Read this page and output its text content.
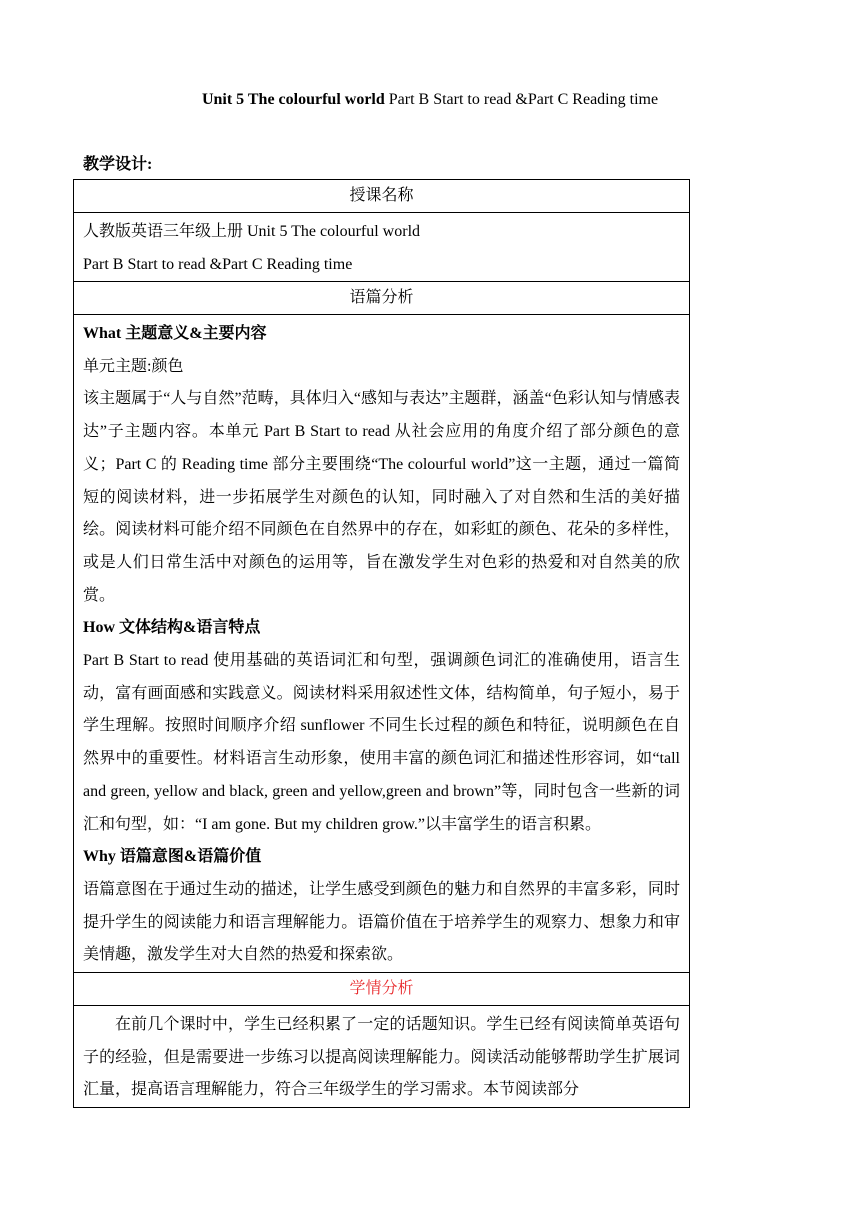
Unit 5 The colourful world Part B Start to read &Part C Reading time
教学设计:
授课名称

人教版英语三年级上册 Unit 5 The colourful world
Part B Start to read &Part C Reading time

语篇分析

What 主题意义&主要内容

单元主题:颜色

该主题属于“人与自然”范畴，具体归入“感知与表达”主题群，涵盖“色彩认知与情感表达”子主题内容。本单元 Part B Start to read 从社会应用的角度介绍了部分颜色的意义；Part C 的 Reading time 部分主要围绕“The colourful world”这一主题，通过一篇简短的阅读材料，进一步拓展学生对颜色的认知，同时融入了对自然和生活的美好描绘。阅读材料可能介绍不同颜色在自然界中的存在，如彩虹的颜色、花朵的多样性，或是人们日常生活中对颜色的运用等，旨在激发学生对色彩的热爱和对自然美的欣赏。

How 文体结构&语言特点

Part B Start to read 使用基础的英语词汇和句型，强调颜色词汇的准确使用，语言生动，富有画面感和实践意义。阅读材料采用叙述性文体，结构简单，句子短小，易于学生理解。按照时间顺序介绍 sunflower 不同生长过程的颜色和特征，说明颜色在自然界中的重要性。材料语言生动形象，使用丰富的颜色词汇和描述性形容词，如“tall and green, yellow and black, green and yellow,green and brown”等，同时包含一些新的词汇和句型，如：“I am gone. But my children grow.”以丰富学生的语言积累。

Why 语篇意图&语篇价值

语篇意图在于通过生动的描述，让学生感受到颜色的魅力和自然界的丰富多彩，同时提升学生的阅读能力和语言理解能力。语篇价值在于培养学生的观察力、想象力和审美情趣，激发学生对大自然的热爱和探索欲。

学情分析

在前几个课时中，学生已经积累了一定的话题知识。学生已经有阅读简单英语句子的经验，但是需要进一步练习以提高阅读理解能力。阅读活动能够帮助学生扩展词汇量，提高语言理解能力，符合三年级学生的学习需求。本节阅读部分
